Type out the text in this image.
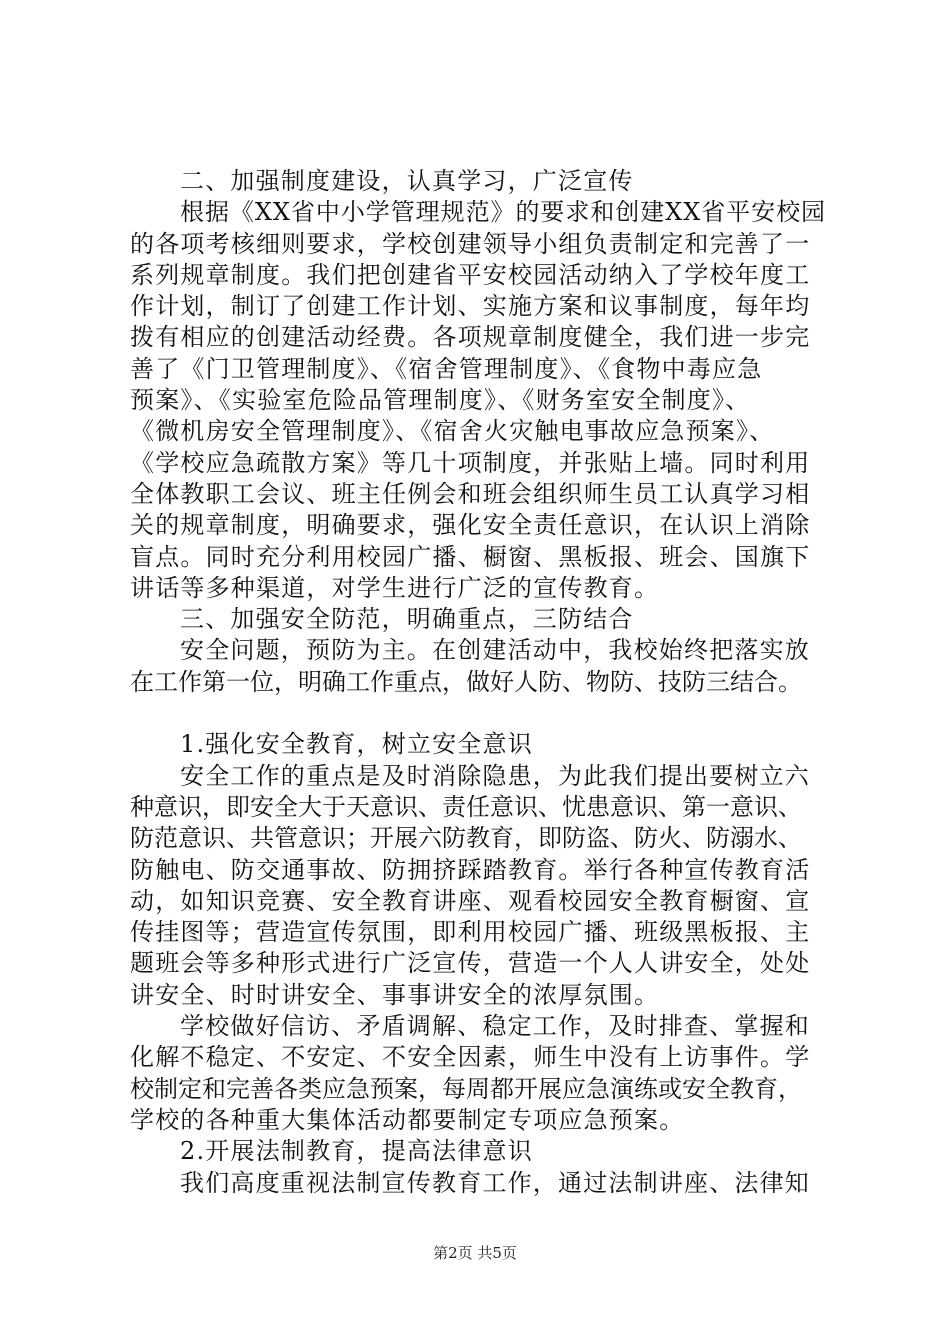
二、加强制度建设，认真学习，广泛宣传
根据《XX省中小学管理规范》的要求和创建XX省平安校园
的各项考核细则要求，学校创建领导小组负责制定和完善了一
系列规章制度。我们把创建省平安校园活动纳入了学校年度工
作计划，制订了创建工作计划、实施方案和议事制度，每年均
拨有相应的创建活动经费。各项规章制度健全，我们进一步完
善了《门卫管理制度》、《宿舍管理制度》、《食物中毒应急
预案》、《实验室危险品管理制度》、《财务室安全制度》、
《微机房安全管理制度》、《宿舍火灾触电事故应急预案》、
《学校应急疏散方案》等几十项制度，并张贴上墙。同时利用
全体教职工会议、班主任例会和班会组织师生员工认真学习相
关的规章制度，明确要求，强化安全责任意识，在认识上消除
盲点。同时充分利用校园广播、橱窗、黑板报、班会、国旗下
讲话等多种渠道，对学生进行广泛的宣传教育。
三、加强安全防范，明确重点，三防结合
安全问题，预防为主。在创建活动中，我校始终把落实放
在工作第一位，明确工作重点，做好人防、物防、技防三结合。
1.强化安全教育，树立安全意识
安全工作的重点是及时消除隐患，为此我们提出要树立六
种意识，即安全大于天意识、责任意识、忧患意识、第一意识、
防范意识、共管意识；开展六防教育，即防盗、防火、防溺水、
防触电、防交通事故、防拥挤踩踏教育。举行各种宣传教育活
动，如知识竞赛、安全教育讲座、观看校园安全教育橱窗、宣
传挂图等；营造宣传氛围，即利用校园广播、班级黑板报、主
题班会等多种形式进行广泛宣传，营造一个人人讲安全，处处
讲安全、时时讲安全、事事讲安全的浓厚氛围。
学校做好信访、矛盾调解、稳定工作，及时排查、掌握和
化解不稳定、不安定、不安全因素，师生中没有上访事件。学
校制定和完善各类应急预案，每周都开展应急演练或安全教育，
学校的各种重大集体活动都要制定专项应急预案。
2.开展法制教育，提高法律意识
我们高度重视法制宣传教育工作，通过法制讲座、法律知
第2页 共5页
